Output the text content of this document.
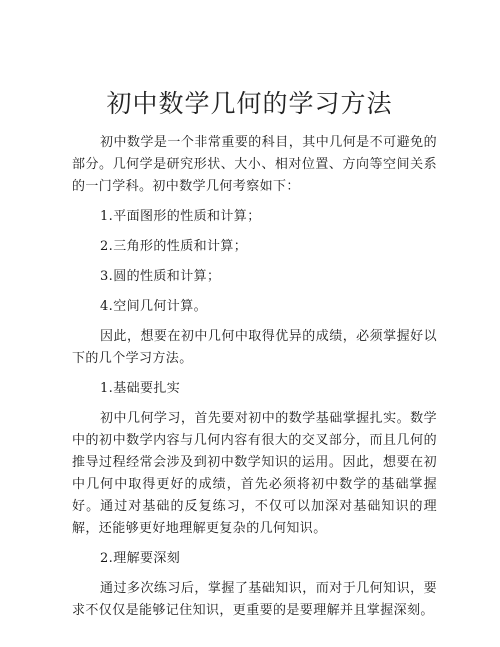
初中数学几何的学习方法

初中数学是一个非常重要的科目，其中几何是不可避免的部分。几何学是研究形状、大小、相对位置、方向等空间关系的一门学科。初中数学几何考察如下：

1.平面图形的性质和计算；

2.三角形的性质和计算；

3.圆的性质和计算；

4.空间几何计算。

因此，想要在初中几何中取得优异的成绩，必须掌握好以下的几个学习方法。

1.基础要扎实

初中几何学习，首先要对初中的数学基础掌握扎实。数学中的初中数学内容与几何内容有很大的交叉部分，而且几何的推导过程经常会涉及到初中数学知识的运用。因此，想要在初中几何中取得更好的成绩，首先必须将初中数学的基础掌握好。通过对基础的反复练习，不仅可以加深对基础知识的理解，还能够更好地理解更复杂的几何知识。

2.理解要深刻

通过多次练习后，掌握了基础知识，而对于几何知识，要求不仅仅是能够记住知识，更重要的是要理解并且掌握深刻。
